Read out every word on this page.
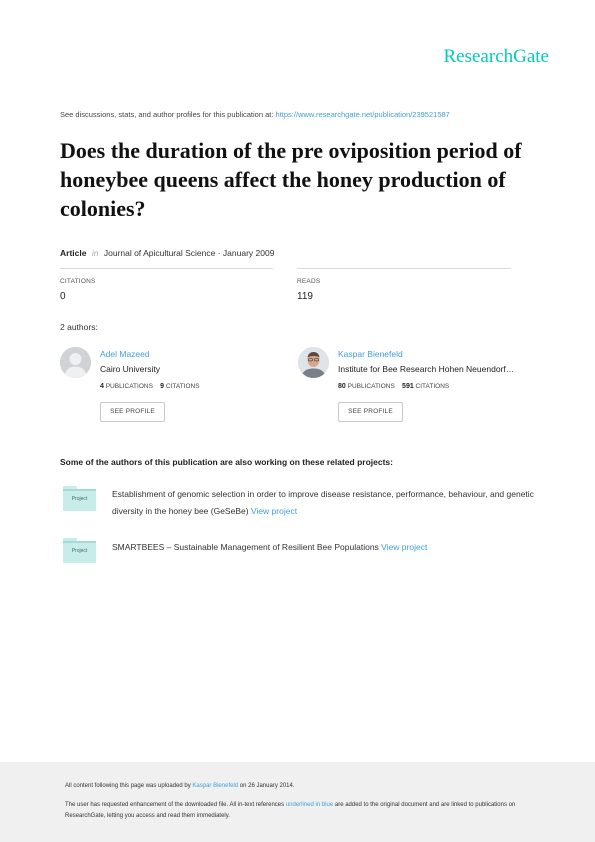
ResearchGate
See discussions, stats, and author profiles for this publication at: https://www.researchgate.net/publication/239521587
Does the duration of the pre oviposition period of honeybee queens affect the honey production of colonies?
Article in Journal of Apicultural Science · January 2009
CITATIONS
0
READS
119
2 authors:
Adel Mazeed
Cairo University
4 PUBLICATIONS 9 CITATIONS
SEE PROFILE
Kaspar Bienefeld
Institute for Bee Research Hohen Neuendorf…
80 PUBLICATIONS 591 CITATIONS
SEE PROFILE
Some of the authors of this publication are also working on these related projects:
Project	Establishment of genomic selection in order to improve disease resistance, performance, behaviour, and genetic diversity in the honey bee (GeSeBe) View project
Project	SMARTBEES – Sustainable Management of Resilient Bee Populations View project
All content following this page was uploaded by Kaspar Bienefeld on 26 January 2014.
The user has requested enhancement of the downloaded file. All in-text references underlined in blue are added to the original document and are linked to publications on ResearchGate, letting you access and read them immediately.
